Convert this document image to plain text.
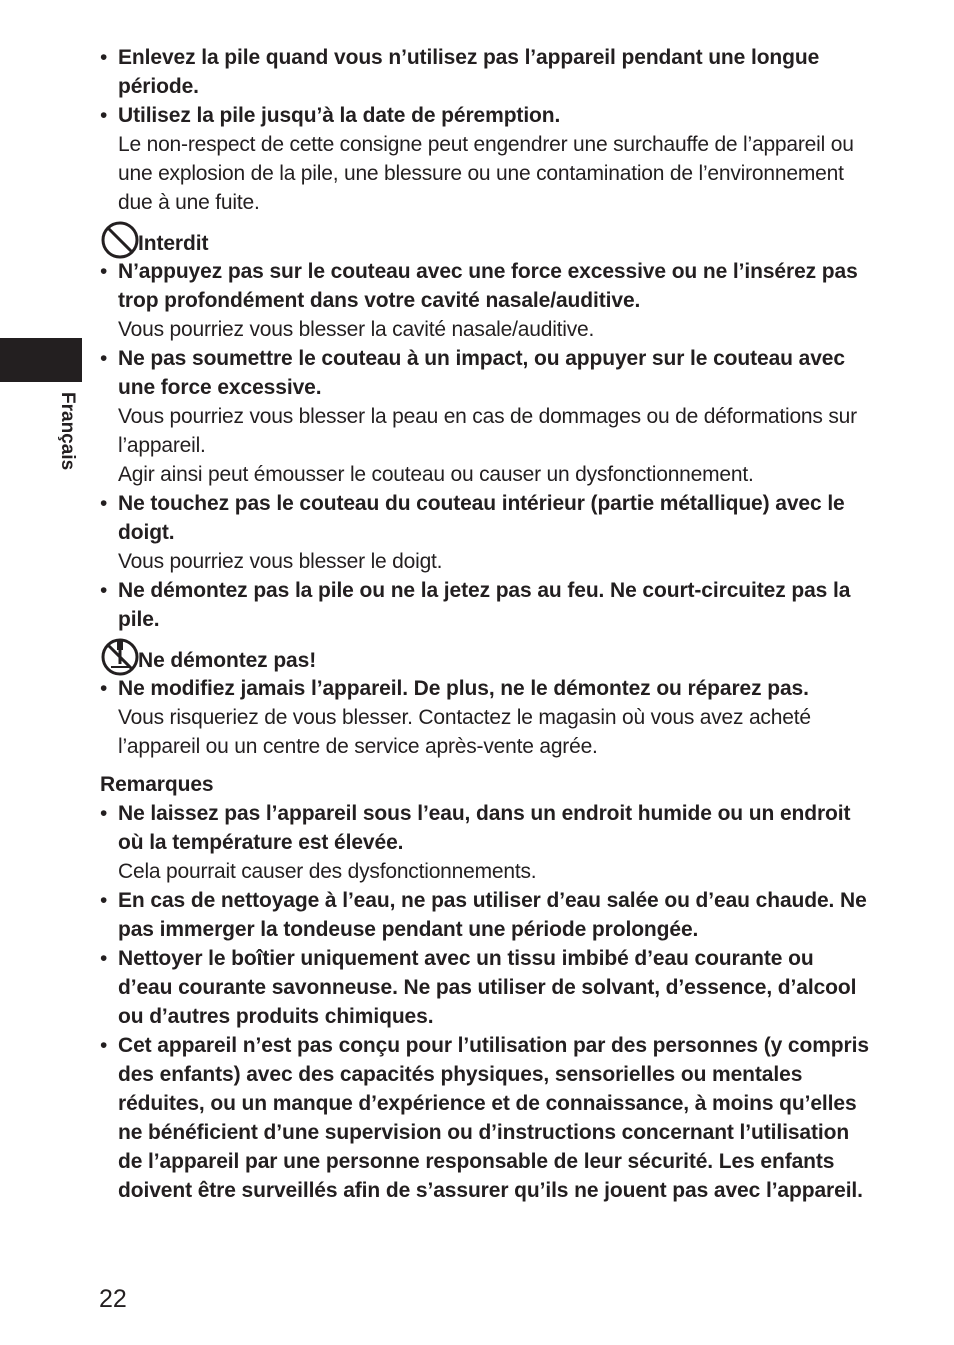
Français
• Enlevez la pile quand vous n’utilisez pas l’appareil pendant une longue période.

• Utilisez la pile jusqu’à la date de péremption.

Le non-respect de cette consigne peut engendrer une surchauffe de l’appareil ou une explosion de la pile, une blessure ou une contamination de l’environnement due à une fuite.

Interdit
• N’appuyez pas sur le couteau avec une force excessive ou ne l’insérez pas trop profondément dans votre cavité nasale/auditive.

Vous pourriez vous blesser la cavité nasale/auditive.

• Ne pas soumettre le couteau à un impact, ou appuyer sur le couteau avec une force excessive.

Vous pourriez vous blesser la peau en cas de dommages ou de déformations sur l’appareil.

Agir ainsi peut émousser le couteau ou causer un dysfonctionnement.

• Ne touchez pas le couteau du couteau intérieur (partie métallique) avec le doigt.

Vous pourriez vous blesser le doigt.

• Ne démontez pas la pile ou ne la jetez pas au feu. Ne court-circuitez pas la pile.

Ne démontez pas!
• Ne modifiez jamais l’appareil. De plus, ne le démontez ou réparez pas.

Vous risqueriez de vous blesser. Contactez le magasin où vous avez acheté l’appareil ou un centre de service après-vente agrée.

Remarques

• Ne laissez pas l’appareil sous l’eau, dans un endroit humide ou un endroit où la température est élevée.

Cela pourrait causer des dysfonctionnements.

• En cas de nettoyage à l’eau, ne pas utiliser d’eau salée ou d’eau chaude. Ne pas immerger la tondeuse pendant une période prolongée.

• Nettoyer le boîtier uniquement avec un tissu imbibé d’eau courante ou d’eau courante savonneuse. Ne pas utiliser de solvant, d’essence, d’alcool ou d’autres produits chimiques.

• Cet appareil n’est pas conçu pour l’utilisation par des personnes (y compris des enfants) avec des capacités physiques, sensorielles ou mentales réduites, ou un manque d’expérience et de connaissance, à moins qu’elles ne bénéficient d’une supervision ou d’instructions concernant l’utilisation de l’appareil par une personne responsable de leur sécurité. Les enfants doivent être surveillés afin de s’assurer qu’ils ne jouent pas avec l’appareil.

22
